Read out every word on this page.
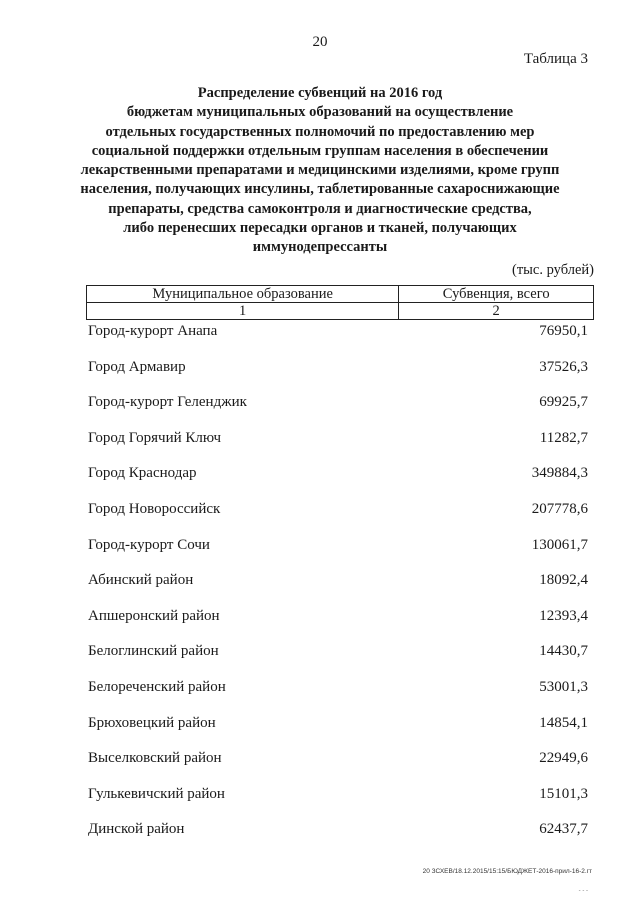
20
Таблица 3
Распределение субвенций на 2016 год
бюджетам муниципальных образований на осуществление
отдельных государственных полномочий по предоставлению мер
социальной поддержки отдельным группам населения в обеспечении
лекарственными препаратами и медицинскими изделиями, кроме групп
населения, получающих инсулины, таблетированные сахароснижающие
препараты, средства самоконтроля и диагностические средства,
либо перенесших пересадки органов и тканей, получающих
иммунодепрессанты
(тыс. рублей)
Муниципальное образование	Субвенция, всего
1	2
Город-курорт Анапа	76950,1
Город Армавир	37526,3
Город-курорт Геленджик	69925,7
Город Горячий Ключ	11282,7
Город Краснодар	349884,3
Город Новороссийск	207778,6
Город-курорт Сочи	130061,7
Абинский район	18092,4
Апшеронский район	12393,4
Белоглинский район	14430,7
Белореченский район	53001,3
Брюховецкий район	14854,1
Выселковский район	22949,6
Гулькевичский район	15101,3
Динской район	62437,7
20 ЗСХЕВ/18.12.2015/15:15/БЮДЖЕТ-2016-прил-16-2.гт
- - -
